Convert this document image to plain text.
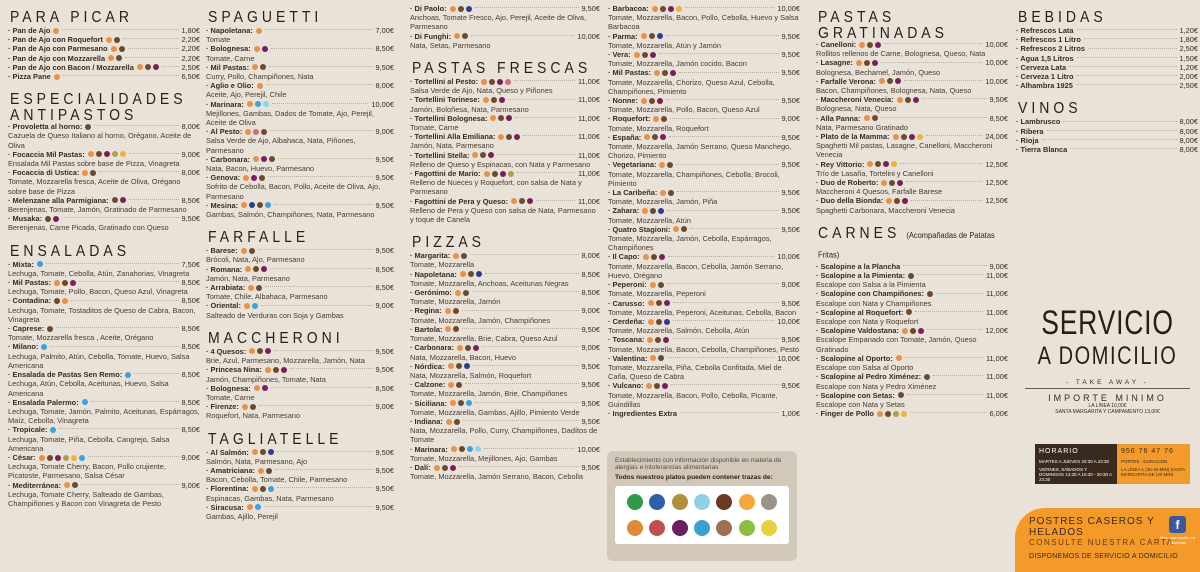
PARA PICAR
· Pan de Ajo	1,80€
· Pan de Ajo con Roquefort	2,20€
· Pan de Ajo con Parmesano	2,20€
· Pan de Ajo con Mozzarella	2,20€
· Pan de Ajo con Bacon / Mozzarella	2,50€
· Pizza Pane	6,50€
ESPECIALIDADES
ANTIPASTOS
· Provoletta al horno:	8,00€
Cazuela de Queso Italiano al horno, Orégano, Aceite de Oliva
· Focaccia Mil Pastas:	9,00€
Ensalada Mil Pastas sobre base de Pizza, Vinagreta
· Focaccia di Ustica:	8,00€
Tomate, Mozzarella fresca, Aceite de Oliva, Orégano sobre base de Pizza
· Melenzane alla Parmigiana:	8,50€
Berenjenas, Tomate, Jamón, Gratinado de Parmesano
· Musaka:	9,50€
Berenjenas, Carne Picada, Gratinado con Queso
ENSALADAS
· Mixta:	7,50€
Lechuga, Tomate, Cebolla, Atún, Zanahorias, Vinagreta
· Mil Pastas:	8,50€
Lechuga, Tomate, Pollo, Bacon, Queso Azul, Vinagreta
· Contadina:	8,50€
Lechuga, Tomate, Tostaditos de Queso de Cabra, Bacon, Vinagreta
· Caprese:	8,50€
Tomate, Mozzarella fresca , Aceite, Orégano
· Milano:	8,50€
Lechuga, Palmito, Atún, Cebolla, Tomate, Huevo, Salsa Americana
· Ensalada de Pastas Sen Remo:	8,50€
Lechuga, Atún, Cebolla, Aceitunas, Huevo, Salsa Americana
· Ensalada Palermo:	8,50€
Lechuga, Tomate, Jamón, Palmito, Aceitunas, Espárragos, Maíz, Cebolla, Vinagreta
· Tropicale:	8,50€
Lechuga, Tomate, Piña, Cebolla, Cangrejo, Salsa Americana
· César:	9,00€
Lechuga, Tomate Cherry, Bacon, Pollo crujiente, Picatoste, Parmesano, Salsa César
· Mediterránea:	9,00€
Lechuga, Tomate Cherry, Salteado de Gambas, Champiñones y Bacon con Vinagreta de Pesto
SPAGUETTI
· Napoletana:	7,00€
Tomate
· Bolognesa:	8,50€
Tomate, Carne
· Mil Pastas:	9,50€
Curry, Pollo, Champiñones, Nata
· Aglio e Olio:	8,00€
Aceite, Ajo, Perejil, Chile
· Marinara:	10,00€
Mejillones, Gambas, Dados de Tomate, Ajo, Perejil, Aceite de Oliva
· Al Pesto:	9,00€
Salsa Verde de Ajo, Albahaca, Nata, Piñones, Parmesano
· Carbonara:	9,50€
Nata, Bacon, Huevo, Parmesano
· Genova:	9,50€
Sofrito de Cebolla, Bacon, Pollo, Aceite de Oliva, Ajo, Parmesano
· Mesina:	9,50€
Gambas, Salmón, Champiñones, Nata, Parmesano
FARFALLE
· Barese:	9,50€
Brócoli, Nata, Ajo, Parmesano
· Romana:	8,50€
Jamón, Nata, Parmesano
· Arrabiata:	8,50€
Tomate, Chile, Albahaca, Parmesano
· Oriental:	9,00€
Salteado de Verduras con Soja y Gambas
MACCHERONI
· 4 Quesos:	9,50€
Brie, Azul, Parmesano, Mozzarella, Jamón, Nata
· Princesa Nina:	9,50€
Jamón, Champiñones, Tomate, Nata
· Bolognesa:	8,50€
Tomate, Carne
· Firenze:	9,00€
Roquefort, Nata, Parmesano
TAGLIATELLE
· Al Salmón:	9,50€
Salmón, Nata, Parmesano, Ajo
· Amatriciana:	9,50€
Bacon, Cebolla, Tomate, Chile, Parmesano
· Florentina:	9,50€
Espinacas, Gambas, Nata, Parmesano
· Siracusa:	9,50€
Gambas, Ajillo, Perejil
· Di Paolo:	9,50€
Anchoas, Tomate Fresco, Ajo, Perejil, Aceite de Oliva, Parmesano
· Di Funghi:	10,00€
Nata, Setas, Parmesano
PASTAS FRESCAS
· Tortellini al Pesto:	11,00€
Salsa Verde de Ajo, Nata, Queso y Piñones
· Tortellini Torinese:	11,00€
Jamón, Boloñesa, Nata, Parmesano
· Tortellini Bolognesa:	11,00€
Tomate, Carne
· Tortellini Alla Emiliana:	11,00€
Jamón, Nata, Parmesano
· Tortellini Stella:	11,00€
Relleno de Queso y Espinacas, con Nata y Parmesano
· Fagottini de Marío:	11,00€
Relleno de Nueces y Roquefort, con salsa de Nata y Parmesano
· Fagottini de Pera y Queso:	11,00€
Relleno de Pera y Queso con salsa de Nata, Parmesano y toque de Canela
PIZZAS
· Margarita:	8,00€
Tomate, Mozzarella
· Napoletana:	8,50€
Tomate, Mozzarella, Anchoas, Aceitunas Negras
· Gerónimo:	8,50€
Tomate, Mozzarella, Jamón
· Regina:	9,00€
Tomate, Mozzarella, Jamón, Champiñones
· Bartola:	9,50€
Tomate, Mozzarella, Brie, Cabra, Queso Azul
· Carbonara:	9,00€
Nata, Mozzarella, Bacon, Huevo
· Nórdica:	9,50€
Nata, Mozzarella, Salmón, Roquefort
· Calzone:	9,50€
Tomate, Mozzarella, Jamón, Brie, Champiñones
· Siciliana:	9,50€
Tomate, Mozzarella, Gambas, Ajillo, Pimiento Verde
· Indiana:	9,50€
Nata, Mozzarella, Pollo, Curry, Champiñones, Dadítos de Tomate
· Marinara:	10,00€
Tomate, Mozzarella, Mejillones, Ajo, Gambas
· Dalí:	9,50€
Tomate, Mozzarella, Jamón Serrano, Bacon, Cebolla
· Barbacoa:	10,00€
Tomate, Mozzarella, Bacon, Pollo, Cebolla, Huevo y Salsa Barbacoa
· Parma:	9,50€
Tomate, Mozzarella, Atún y Jamón
· Vera:	9,50€
Tomate, Mozzarella, Jamón cocido, Bacon
· Mil Pastas:	9,50€
Tomate, Mozzarella, Chorizo, Queso Azul, Cebolla, Champiñones, Pimiento
· Nonne:	9,50€
Tomate, Mozzarella, Pollo, Bacon, Queso Azul
· Roquefort:	9,00€
Tomate, Mozzarella, Roquefort
· España:	9,50€
Tomate, Mozzarella, Jamón Serrano, Queso Manchego, Chorizo, Pimiento
· Vegetariana:	9,50€
Tomate, Mozzarella, Champiñones, Cebolla, Brocoli, Pimiento
· La Caribeña:	9,50€
Tomate, Mozzarella, Jamón, Piña
· Zahara:	9,50€
Tomate, Mozzarella, Atún
· Quatro Stagioni:	9,50€
Tomate, Mozzarella, Jamón, Cebolla, Espárragos, Champiñones
· Il Capo:	10,00€
Tomate, Mozzarella, Bacon, Cebolla, Jamón Serrano, Huevo, Orégano
· Peperoni:	9,00€
Tomate, Mozzarella, Peperoni
· Carusso:	9,50€
Tomate, Mozzarella, Peperoni, Aceitunas, Cebolla, Bacon
· Cerdeña:	10,00€
Tomate, Mozzarella, Salmón, Cebolla, Atún
· Toscana:	9,50€
Tomate, Mozzarella, Bacon, Cebolla, Champiñones, Pesto
· Valentina:	10,00€
Tomate, Mozzarella, Piña, Cebolla Confitada, Miel de Caña, Queso de Cabra
· Vulcano:	9,50€
Tomate, Mozzarella, Bacon, Pollo, Cebolla, Picante, Guindillas
· Ingredientes Extra	1,00€
PASTAS GRATINADAS
· Canelloni:	10,00€
Rollitos rellenos de Carne, Bolognesa, Queso, Nata
· Lasagne:	10,00€
Bolognesa, Bechamel, Jamón, Queso
· Farfalle Verona:	10,00€
Bacon, Champiñones, Bolognesa, Nata, Queso
· Maccheroni Venecia:	9,50€
Bolognesa, Nata, Queso
· Alla Panna:	8,50€
Nata, Parmesano Gratinado
· Plato de la Mamma:	24,00€
Spaghetti Mil pastas, Lasagne, Canelloni, Maccheroni Venecia
· Rey Vittorio:	12,50€
Trío de Lasaña, Tortelini y Canelloni
· Duo de Roberto:	12,50€
Maccheroni 4 Quesos, Farfalle Barese
· Duo della Bionda:	12,50€
Spaghetti Carbonara, Maccheroni Venecia
CARNES (Acompañadas de Patatas Fritas)
· Scalopine a la Plancha	9,00€
· Scalopine a la Pimienta:	11,00€
Escalope con Salsa a la Pimienta
· Scalopine con Champiñones:	11,00€
Escalope con Nata y Champiñones
· Scalopine al Roquefort:	11,00€
Escalope con Nata y Roquefort
· Scalopine Valdostana:	12,00€
Escalope Empanado con Tomate, Jamón, Queso Gratinado
· Scalopine al Oporto:	11,00€
Escalope con Salsa al Oporto
· Scalopine al Pedro Ximénez:	11,00€
Escalope con Nata y Pedro Ximénez
· Scalopine con Setas:	11,00€
Escalope con Nata y Setas
· Finger de Pollo	6,00€
BEBIDAS
· Refrescos Lata	1,20€
· Refrescos 1 Litro	1,80€
· Refrescos 2 Litros	2,50€
· Agua 1,5 Litros	1,50€
· Cerveza Lata	1,20€
· Cerveza 1 Litro	2,00€
· Alhambra 1925	2,50€
VINOS
· Lambrusco	8,00€
· Ribera	8,00€
· Rioja	8,00€
· Tierra Blanca	8,00€
Establecimiento con información disponible en materia de alergias e intolerancias alimentarias
Todos nuestros platos pueden contener trazas de:
SERVICIO
A DOMICILIO
- TAKE AWAY -
IMPORTE MINIMO
LA LÍNEA 10,00€
SANTA MARGARITA Y CAMPAMENTO 13,00€
HORARIO
MARTES A JUEVES 20:30 A 23:30
VIERNES, SÁBADOS Y DOMINGOS 13:30 A 15:30 - 20:30 A 23:30
956 76 47 76
PORTES - DURACION
LA LÍNEA 1 (30-40 MIN) SANTA MARGARITA DE (40 MIN)
POSTRES CASEROS Y HELADOS
CONSULTE NUESTRA CARTA
DISPONEMOS DE SERVICIO A DOMICILIO
f
Más información en Facebook
